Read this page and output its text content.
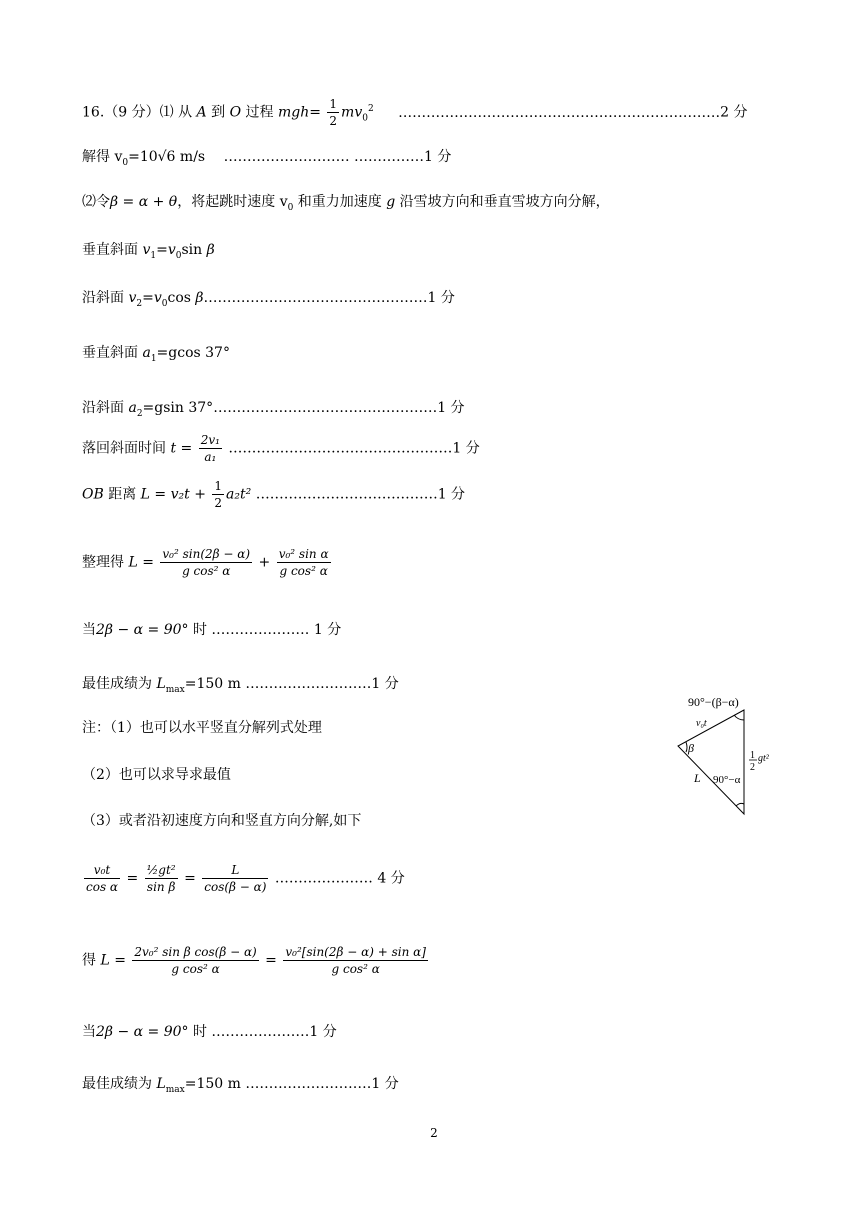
16.（9 分）⑴ 从 A 到 O 过程 $mgh= \frac{1}{2} mv_0^2$ ……………………………………………………………2 分
解得 $v_0=10√6$ m/s ……………………… ……………1 分
⑵令β = α + θ，将起跳时速度 $v_0$ 和重力加速度 g 沿雪坡方向和垂直雪坡方向分解，
垂直斜面 $v_1=v_0\sin$ β
沿斜面 $v_2=v_0\cos$ β…………………………………………1 分
垂直斜面 $a_1=gcos$ 37°
沿斜面 $a_2=gsin$ 37°…………………………………………1 分
落回斜面时间 $t = \frac{\text{2v₁}}{\text{a₁}}$ …………………………………………1 分
OB 距离 $L = v_2t + \frac{1}{2} a_2t^2$ …………………………………1 分
整理得 $L = \frac{\text{v₀² sin(2β − α)}}{\text{g cos² α}} + \frac{\text{v₀² sin α}}{\text{g cos² α}}$
当2β − α = 90° 时 ………………… 1 分
最佳成绩为 $L_{max}=150$ m ………………………1 分
注：（1）也可以水平竖直分解列式处理
（2）也可以求导求最值
（3）或者沿初速度方向和竖直方向分解,如下
$\frac{\text{v₀t}}{\text{cos α}} = \frac{\text{½gt²}}{\text{sin β}} = \frac{L}{\cos(\beta - \alpha)}$ ………………… 4 分
得 $L = \frac{\text{2v₀² sin β cos(β − α)}}{\text{g cos² α}} = \frac{\text{v₀²[sin(2β − α) + sin α]}}{\text{g cos² α}}$
当2β − α = 90° 时 …………………1 分
最佳成绩为 $L_{max}=150$ m ………………………1 分
90°−(β−α)
v₀t
β
L 90°−α
1
2
gt²
2
